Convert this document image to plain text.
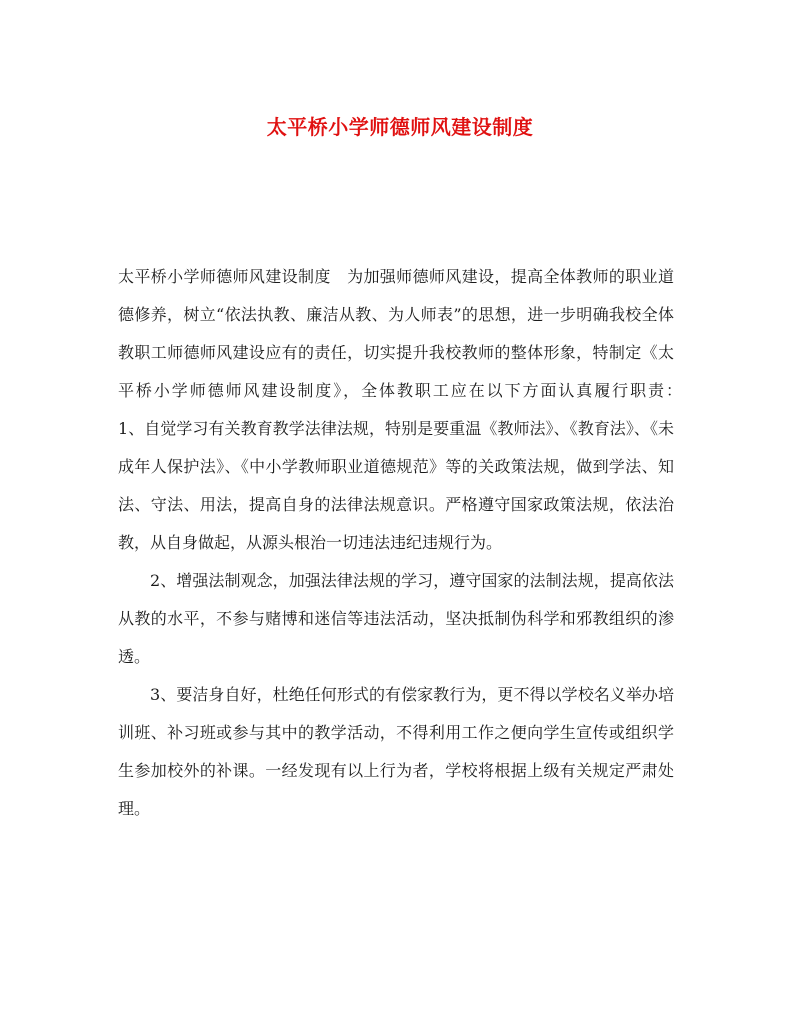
太平桥小学师德师风建设制度

太平桥小学师德师风建设制度　为加强师德师风建设，提高全体教师的职业道德修养，树立“依法执教、廉洁从教、为人师表”的思想，进一步明确我校全体教职工师德师风建设应有的责任，切实提升我校教师的整体形象，特制定《太平桥小学师德师风建设制度》，全体教职工应在以下方面认真履行职责：　　　1、自觉学习有关教育教学法律法规，特别是要重温《教师法》、《教育法》、《未成年人保护法》、《中小学教师职业道德规范》等的关政策法规，做到学法、知法、守法、用法，提高自身的法律法规意识。严格遵守国家政策法规，依法治教，从自身做起，从源头根治一切违法违纪违规行为。

2、增强法制观念，加强法律法规的学习，遵守国家的法制法规，提高依法从教的水平，不参与赌博和迷信等违法活动，坚决抵制伪科学和邪教组织的渗透。

3、要洁身自好，杜绝任何形式的有偿家教行为，更不得以学校名义举办培训班、补习班或参与其中的教学活动，不得利用工作之便向学生宣传或组织学生参加校外的补课。一经发现有以上行为者，学校将根据上级有关规定严肃处理。
